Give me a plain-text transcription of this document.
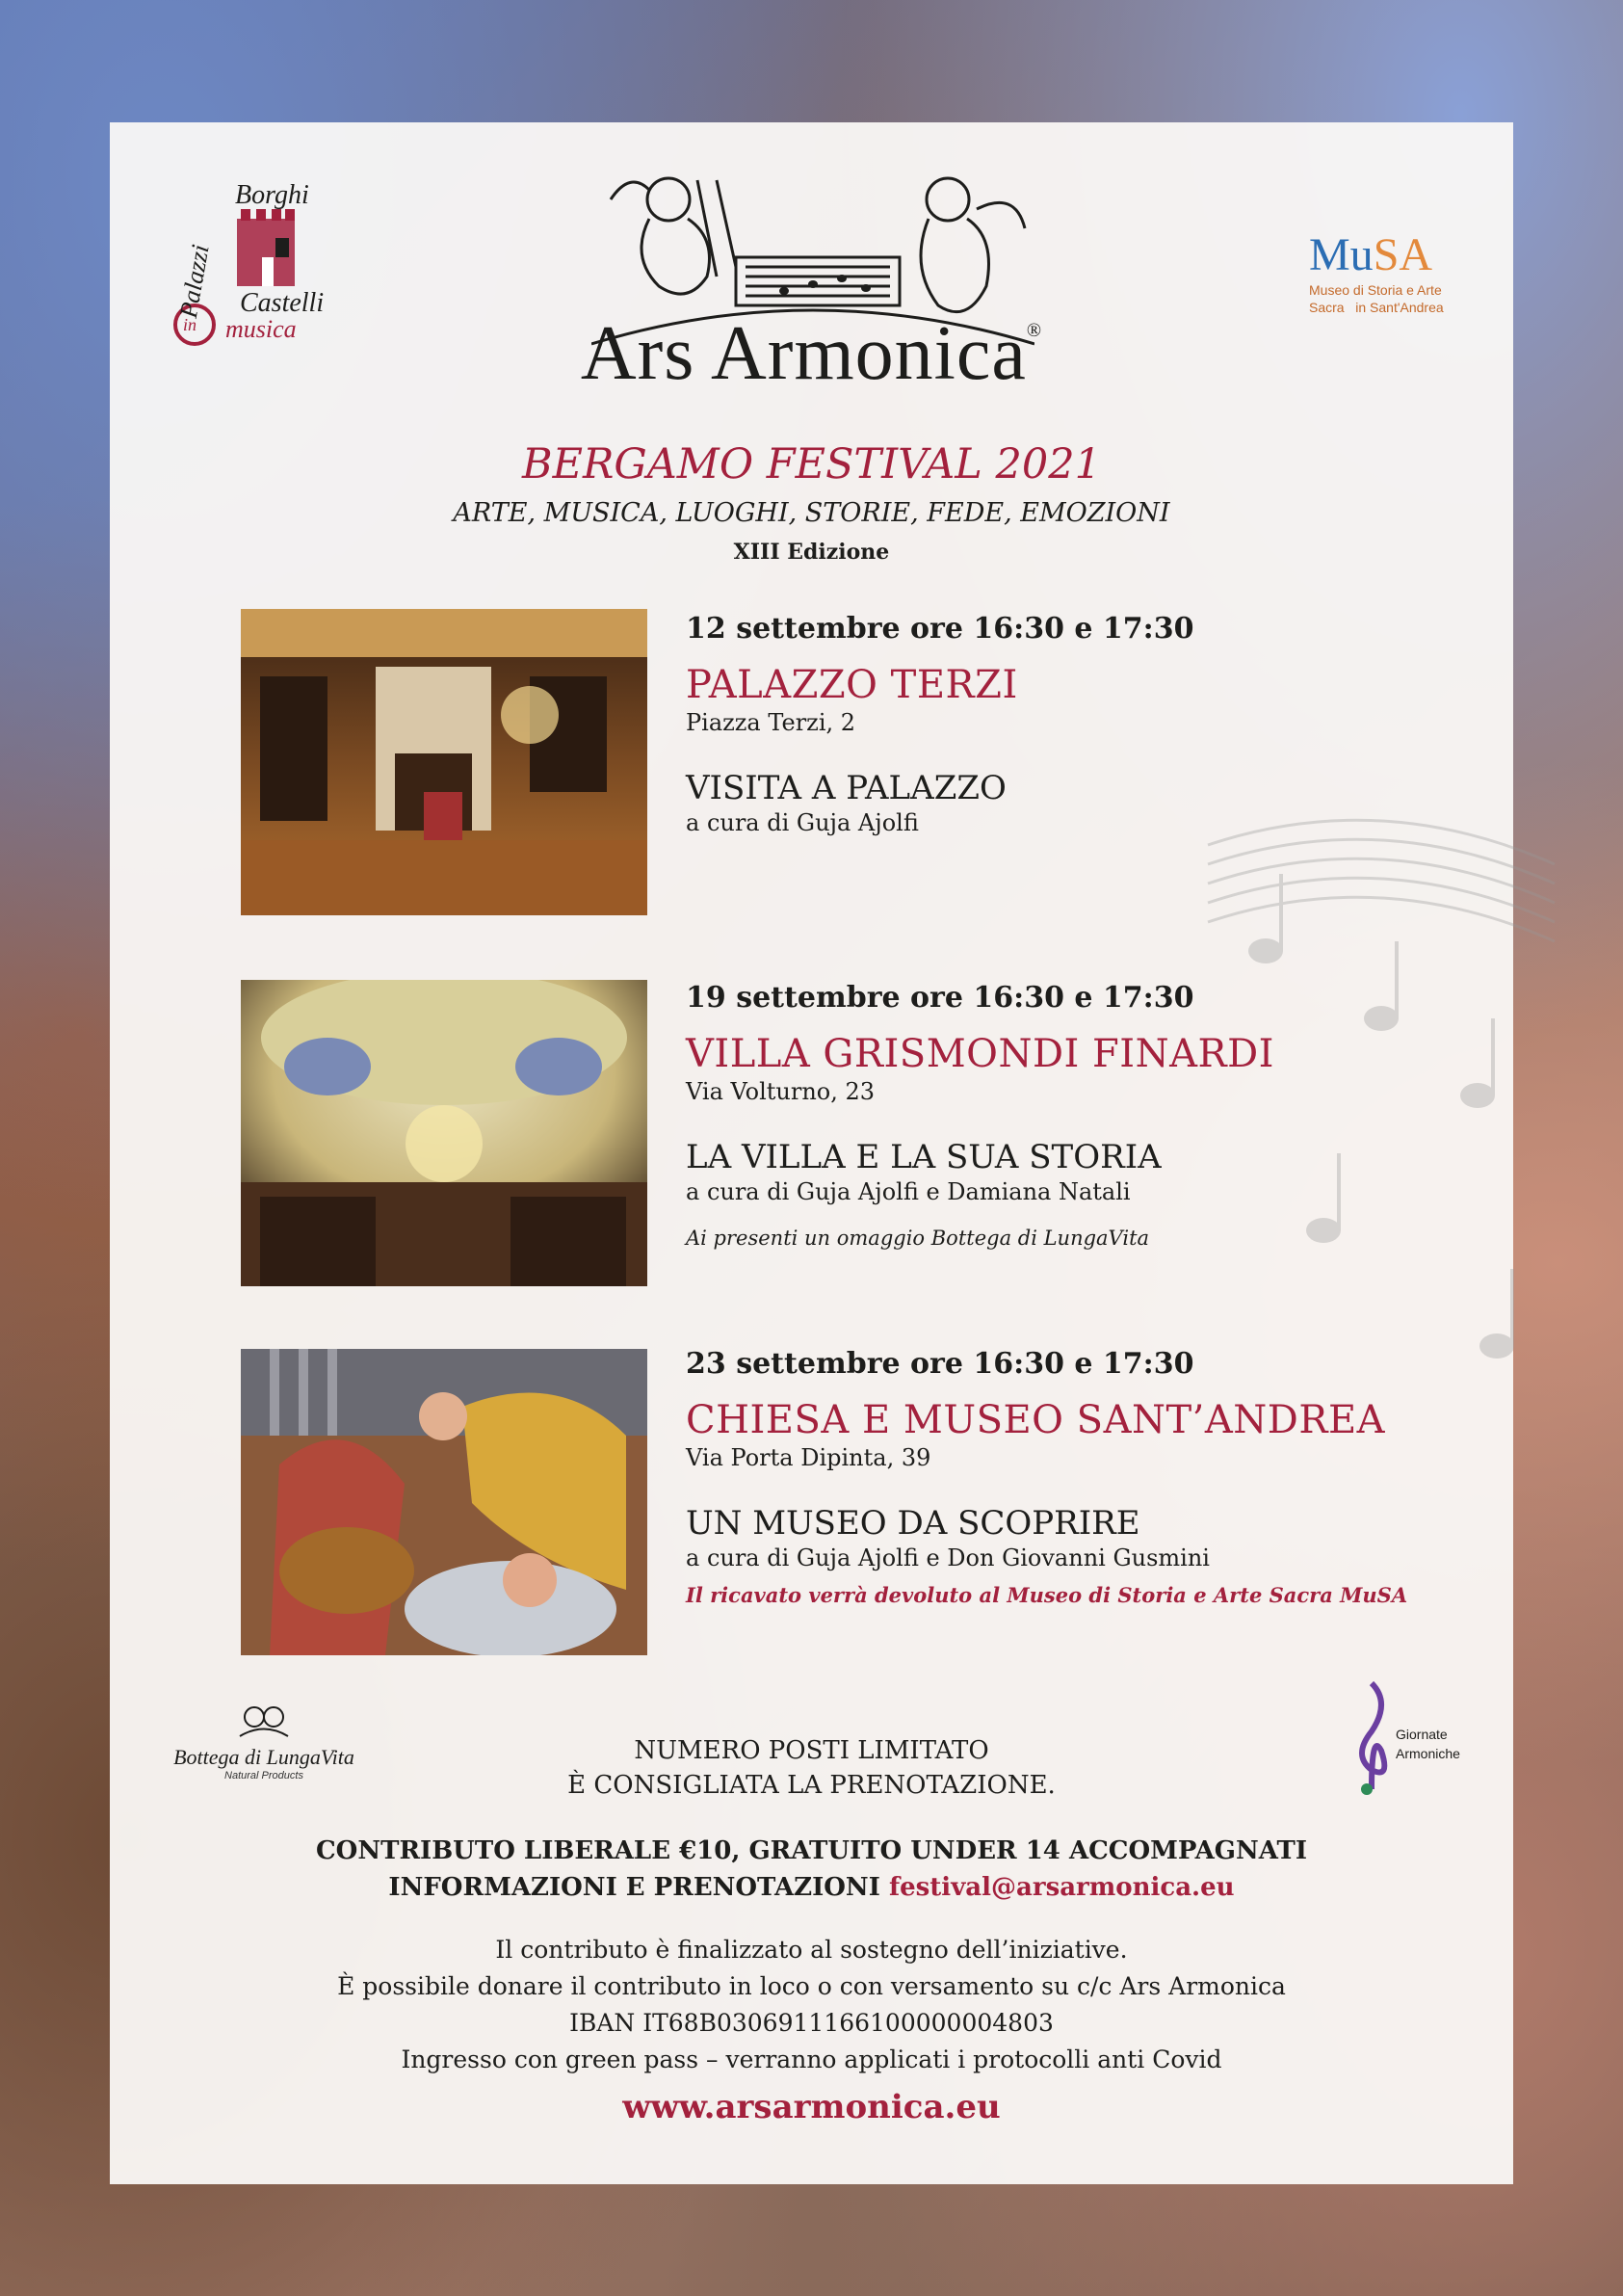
Borghi
Palazzi Castelli
in musica	Ars Armonica®
MuSA
Museo di Storia e Arte
Sacra   in Sant'Andrea
BERGAMO FESTIVAL 2021
ARTE, MUSICA, LUOGHI, STORIE, FEDE, EMOZIONI
XIII Edizione
12 settembre ore 16:30 e 17:30
PALAZZO TERZI
Piazza Terzi, 2
VISITA A PALAZZO
a cura di Guja Ajolfi
19 settembre ore 16:30 e 17:30
VILLA GRISMONDI FINARDI
Via Volturno, 23
LA VILLA E LA SUA STORIA
a cura di Guja Ajolfi e Damiana Natali
Ai presenti un omaggio Bottega di LungaVita
23 settembre ore 16:30 e 17:30
CHIESA E MUSEO SANT’ANDREA
Via Porta Dipinta, 39
UN MUSEO DA SCOPRIRE
a cura di Guja Ajolfi e Don Giovanni Gusmini
Il ricavato verrà devoluto al Museo di Storia e Arte Sacra MuSA
Bottega di LungaVita
Natural Products
Giornate
Armoniche
NUMERO POSTI LIMITATO
È CONSIGLIATA LA PRENOTAZIONE.
CONTRIBUTO LIBERALE €10, GRATUITO UNDER 14 ACCOMPAGNATI
INFORMAZIONI E PRENOTAZIONI festival@arsarmonica.eu
Il contributo è finalizzato al sostegno dell’iniziative.
È possibile donare il contributo in loco o con versamento su c/c Ars Armonica
IBAN IT68B0306911166100000004803
Ingresso con green pass – verranno applicati i protocolli anti Covid
www.arsarmonica.eu
